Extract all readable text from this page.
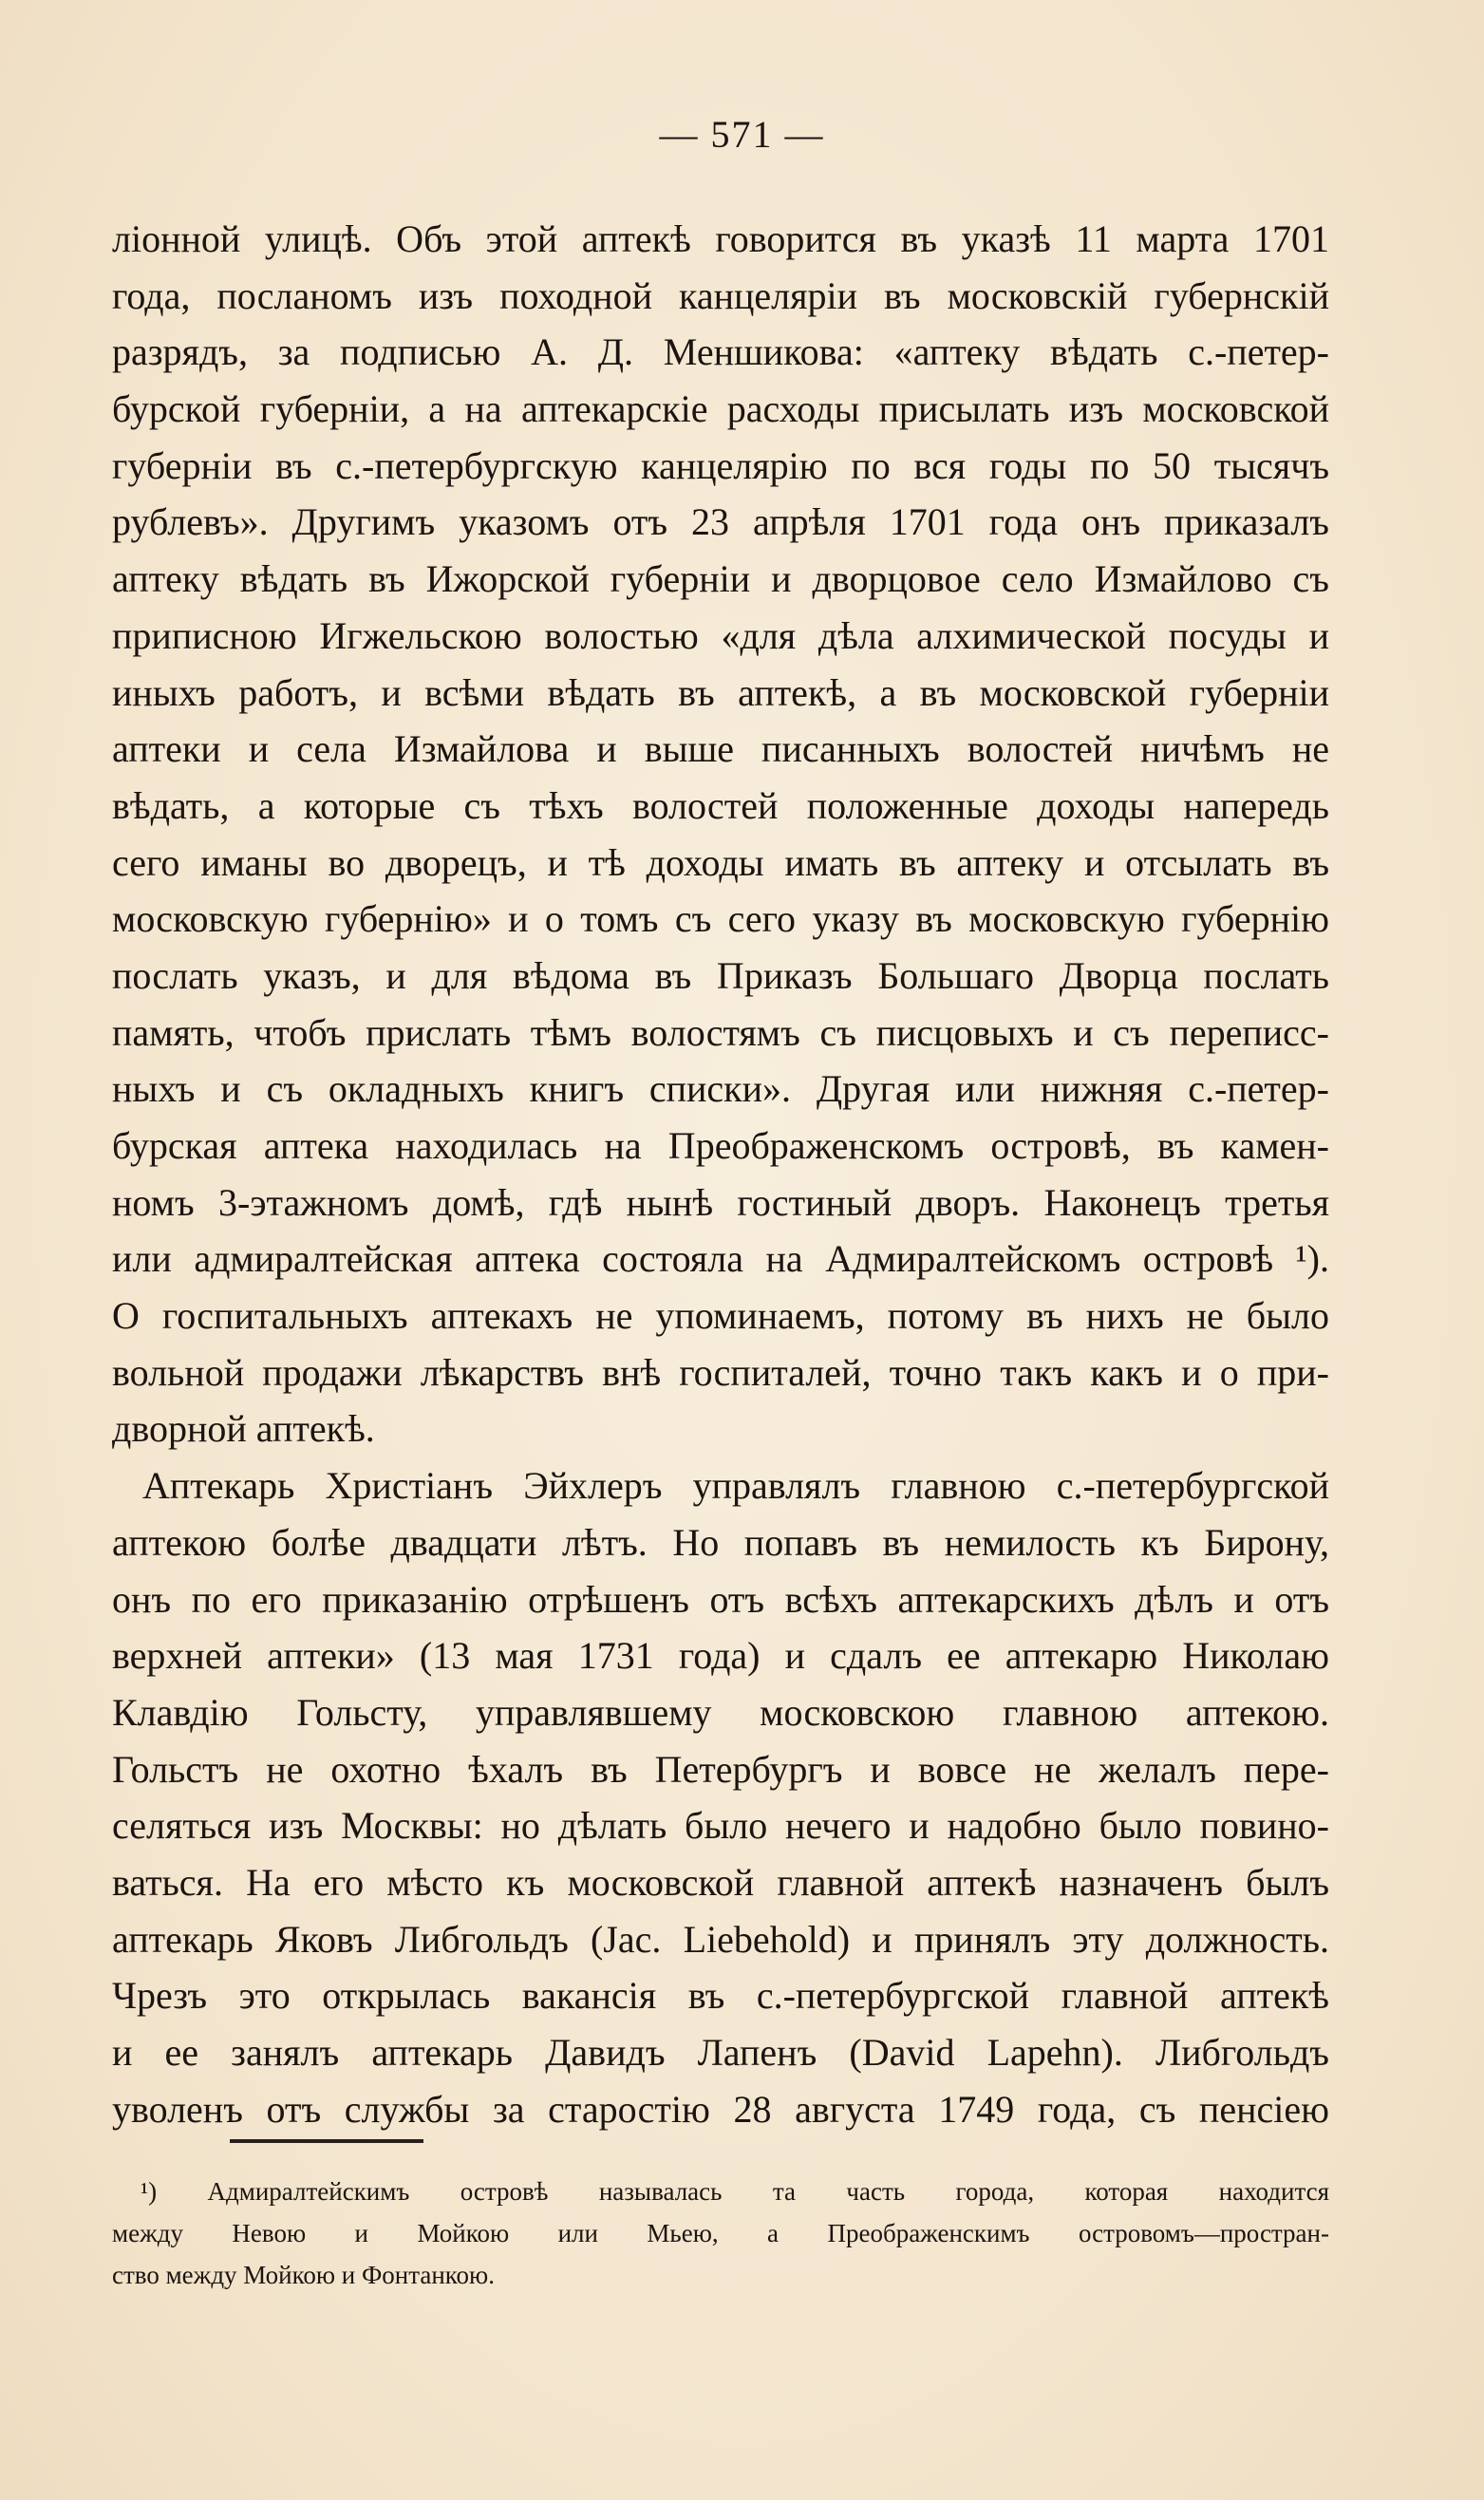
— 571 —
ліонной улицѣ. Объ этой аптекѣ говорится въ указѣ 11 марта 1701
года, посланомъ изъ походной канцеляріи въ московскій губернскій
разрядъ, за подписью А. Д. Меншикова: «аптеку вѣдать с.-петер-
бурской губерніи, а на аптекарскіе расходы присылать изъ московской
губерніи въ с.-петербургскую канцелярію по вся годы по 50 тысячъ
рублевъ». Другимъ указомъ отъ 23 апрѣля 1701 года онъ приказалъ
аптеку вѣдать въ Ижорской губерніи и дворцовое село Измайлово съ
приписною Игжельскою волостью «для дѣла алхимической посуды и
иныхъ работъ, и всѣми вѣдать въ аптекѣ, а въ московской губерніи
аптеки и села Измайлова и выше писанныхъ волостей ничѣмъ не
вѣдать, а которые съ тѣхъ волостей положенные доходы напередь
сего иманы во дворецъ, и тѣ доходы имать въ аптеку и отсылать въ
московскую губернію» и о томъ съ сего указу въ московскую губернію
послать указъ, и для вѣдома въ Приказъ Большаго Дворца послать
память, чтобъ прислать тѣмъ волостямъ съ писцовыхъ и съ переписс-
ныхъ и съ окладныхъ книгъ списки». Другая или нижняя с.-петер-
бурская аптека находилась на Преображенскомъ островѣ, въ камен-
номъ 3-этажномъ домѣ, гдѣ нынѣ гостиный дворъ. Наконецъ третья
или адмиралтейская аптека состояла на Адмиралтейскомъ островѣ ¹).
О госпитальныхъ аптекахъ не упоминаемъ, потому въ нихъ не было
вольной продажи лѣкарствъ внѣ госпиталей, точно такъ какъ и о при-
дворной аптекѣ.
Аптекарь Христіанъ Эйхлеръ управлялъ главною с.-петербургской
аптекою болѣе двадцати лѣтъ. Но попавъ въ немилость къ Бирону,
онъ по его приказанію отрѣшенъ отъ всѣхъ аптекарскихъ дѣлъ и отъ
верхней аптеки» (13 мая 1731 года) и сдалъ ее аптекарю Николаю
Клавдію Гольсту, управлявшему московскою главною аптекою.
Гольстъ не охотно ѣхалъ въ Петербургъ и вовсе не желалъ пере-
селяться изъ Москвы: но дѣлать было нечего и надобно было повино-
ваться. На его мѣсто къ московской главной аптекѣ назначенъ былъ
аптекарь Яковъ Либгольдъ (Jac. Liebehold) и принялъ эту должность.
Чрезъ это открылась вакансія въ с.-петербургской главной аптекѣ
и ее занялъ аптекарь Давидъ Лапенъ (David Lapehn). Либгольдъ
уволенъ отъ службы за старостію 28 августа 1749 года, съ пенсіею
¹) Адмиралтейскимъ островѣ называлась та часть города, которая находится
между Невою и Мойкою или Мьею, а Преображенскимъ островомъ—простран-
ство между Мойкою и Фонтанкою.
